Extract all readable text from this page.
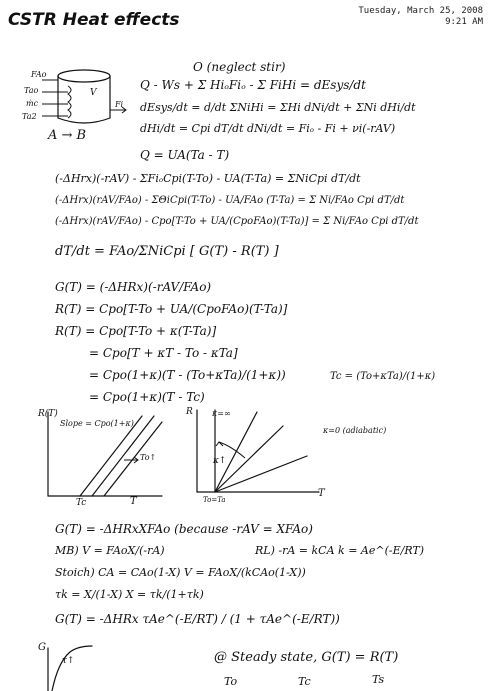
CSTR Heat effects	Tuesday, March 25, 2008
9:21 AM
FAo
Tao
ṁc
Ta2
V
Fi
A → B
O (neglect stir)
Q - Ws + Σ HiₒFiₒ - Σ FiHi = dEsys/dt
dEsys/dt = d/dt ΣNiHi = ΣHi dNi/dt + ΣNi dHi/dt
dHi/dt = Cpi dT/dt dNi/dt = Fiₒ - Fi + νi(-rAV)
Q = UA(Ta - T)
(-ΔHrx)(-rAV) - ΣFiₒCpi(T-To) - UA(T-Ta) = ΣNiCpi dT/dt
(-ΔHrx)(rAV/FAo) - ΣΘiCpi(T-To) - UA/FAo (T-Ta) = Σ Ni/FAo Cpi dT/dt
(-ΔHrx)(rAV/FAo) - Cpo[T-To + UA/(CpoFAo)(T-Ta)] = Σ Ni/FAo Cpi dT/dt
dT/dt = FAo/ΣNiCpi [ G(T) - R(T) ]
G(T) = (-ΔHRx)(-rAV/FAo)
R(T) = Cpo[T-To + UA/(CpoFAo)(T-Ta)]
R(T) = Cpo[T-To + κ(T-Ta)]
= Cpo[T + κT - To - κTa]
= Cpo(1+κ)(T - (To+κTa)/(1+κ))	Tc = (To+κTa)/(1+κ)
= Cpo(1+κ)(T - Tc)
R(T)
Slope = Cpo(1+κ)
To↑
Tc	T
R κ=∞
κ↑
κ=0 (adiabatic)
To=Ta
T
G(T) = -ΔHRxXFAo (because -rAV = XFAo)
MB) V = FAoX/(-rA)	RL) -rA = kCA k = Ae^(-E/RT)
Stoich) CA = CAo(1-X) V = FAoX/(kCAo(1-X))
τk = X/(1-X) X = τk/(1+τk)
G(T) = -ΔHRx τAe^(-E/RT) / (1 + τAe^(-E/RT))
G
τ↑	@ Steady state, G(T) = R(T)
To	Tc	Ts
